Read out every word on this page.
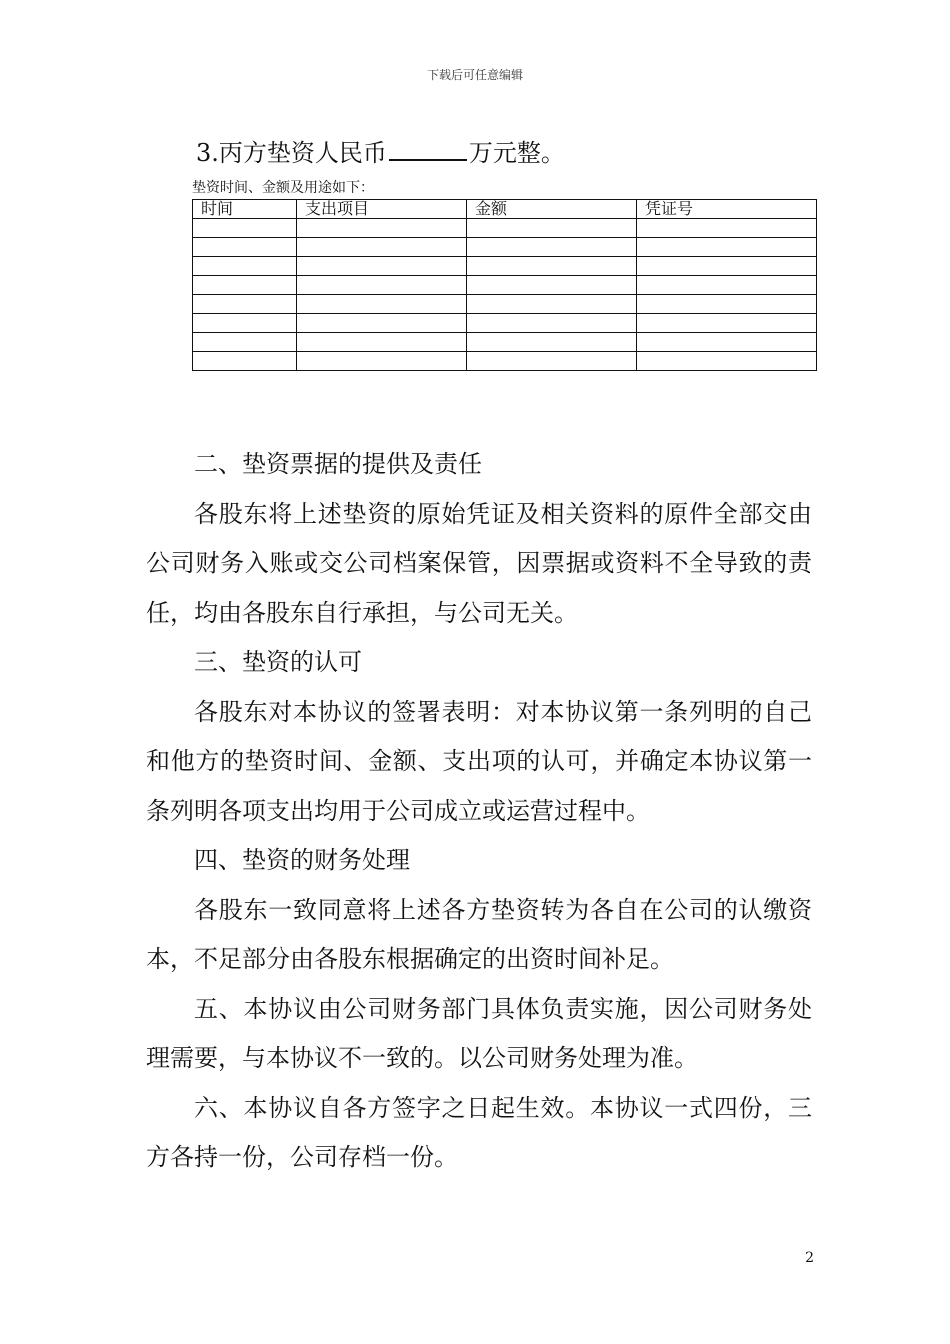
下载后可任意编辑
3.丙方垫资人民币	万元整。
垫资时间、金额及用途如下：
时间	支出项目	金额	凭证号

二、垫资票据的提供及责任

各股东将上述垫资的原始凭证及相关资料的原件全部交由公司财务入账或交公司档案保管，因票据或资料不全导致的责任，均由各股东自行承担，与公司无关。

三、垫资的认可

各股东对本协议的签署表明：对本协议第一条列明的自己和他方的垫资时间、金额、支出项的认可，并确定本协议第一条列明各项支出均用于公司成立或运营过程中。

四、垫资的财务处理

各股东一致同意将上述各方垫资转为各自在公司的认缴资本，不足部分由各股东根据确定的出资时间补足。

五、本协议由公司财务部门具体负责实施，因公司财务处理需要，与本协议不一致的。以公司财务处理为准。

六、本协议自各方签字之日起生效。本协议一式四份，三方各持一份，公司存档一份。

2
